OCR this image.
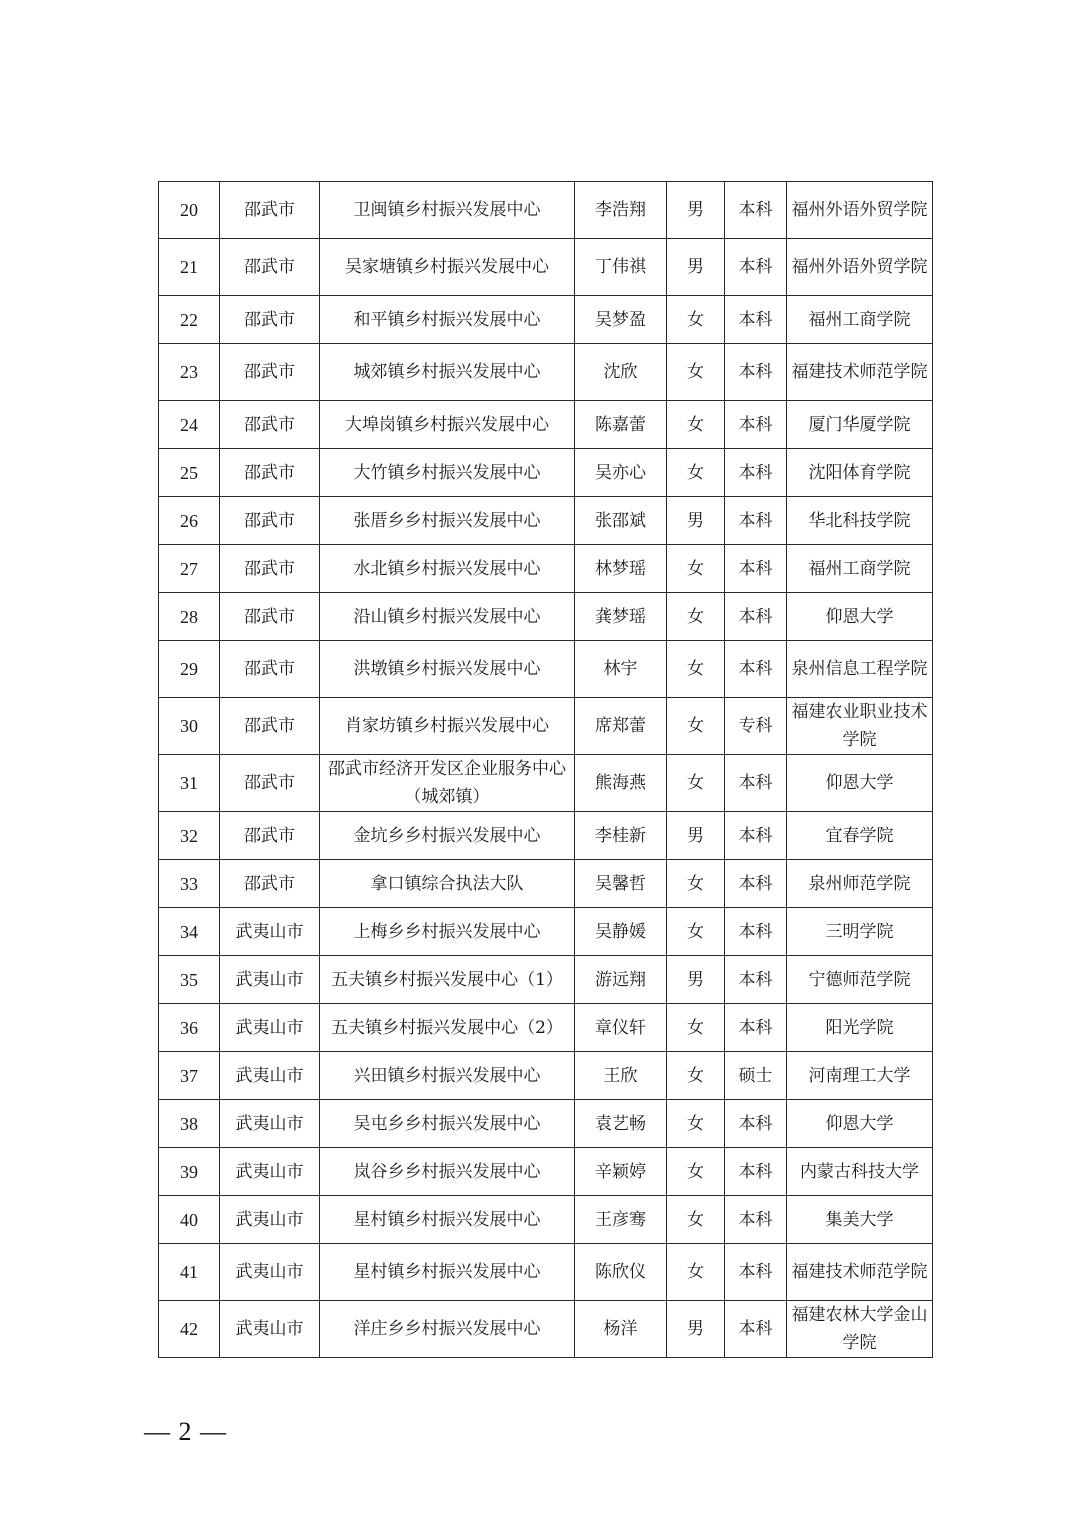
20	邵武市	卫闽镇乡村振兴发展中心	李浩翔	男	本科	福州外语外贸学院
21	邵武市	吴家塘镇乡村振兴发展中心	丁伟祺	男	本科	福州外语外贸学院
22	邵武市	和平镇乡村振兴发展中心	吴梦盈	女	本科	福州工商学院
23	邵武市	城郊镇乡村振兴发展中心	沈欣	女	本科	福建技术师范学院
24	邵武市	大埠岗镇乡村振兴发展中心	陈嘉蕾	女	本科	厦门华厦学院
25	邵武市	大竹镇乡村振兴发展中心	吴亦心	女	本科	沈阳体育学院
26	邵武市	张厝乡乡村振兴发展中心	张邵斌	男	本科	华北科技学院
27	邵武市	水北镇乡村振兴发展中心	林梦瑶	女	本科	福州工商学院
28	邵武市	沿山镇乡村振兴发展中心	龚梦瑶	女	本科	仰恩大学
29	邵武市	洪墩镇乡村振兴发展中心	林宇	女	本科	泉州信息工程学院
30	邵武市	肖家坊镇乡村振兴发展中心	席郑蕾	女	专科	福建农业职业技术学院
31	邵武市	邵武市经济开发区企业服务中心（城郊镇）	熊海燕	女	本科	仰恩大学
32	邵武市	金坑乡乡村振兴发展中心	李桂新	男	本科	宜春学院
33	邵武市	拿口镇综合执法大队	吴馨哲	女	本科	泉州师范学院
34	武夷山市	上梅乡乡村振兴发展中心	吴静媛	女	本科	三明学院
35	武夷山市	五夫镇乡村振兴发展中心（1）	游远翔	男	本科	宁德师范学院
36	武夷山市	五夫镇乡村振兴发展中心（2）	章仪轩	女	本科	阳光学院
37	武夷山市	兴田镇乡村振兴发展中心	王欣	女	硕士	河南理工大学
38	武夷山市	吴屯乡乡村振兴发展中心	袁艺畅	女	本科	仰恩大学
39	武夷山市	岚谷乡乡村振兴发展中心	辛颖婷	女	本科	内蒙古科技大学
40	武夷山市	星村镇乡村振兴发展中心	王彦骞	女	本科	集美大学
41	武夷山市	星村镇乡村振兴发展中心	陈欣仪	女	本科	福建技术师范学院
42	武夷山市	洋庄乡乡村振兴发展中心	杨洋	男	本科	福建农林大学金山学院
— 2 —
